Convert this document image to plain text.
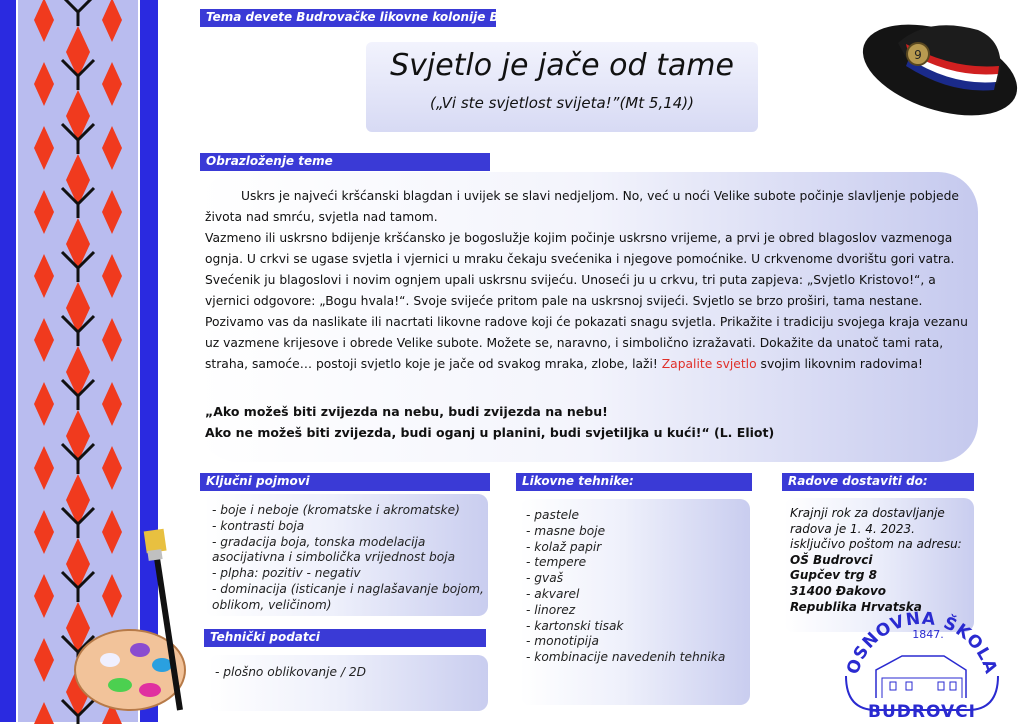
Tema devete Budrovačke likovne kolonije BULIK
Svjetlo je jače od tame
(„Vi ste svjetlost svijeta!”(Mt 5,14))
9
Obrazloženje teme

Uskrs je najveći kršćanski blagdan i uvijek se slavi nedjeljom. No, već u noći Velike subote počinje slavljenje pobjede života nad smrću, svjetla nad tamom.

Vazmeno ili uskrsno bdijenje kršćansko je bogoslužje kojim počinje uskrsno vrijeme, a prvi je obred blagoslov vazmenoga ognja. U crkvi se ugase svjetla i vjernici u mraku čekaju svećenika i njegove pomoćnike. U crkvenome dvorištu gori vatra. Svećenik ju blagoslovi i novim ognjem upali uskrsnu svijeću. Unoseći ju u crkvu, tri puta zapjeva: „Svjetlo Kristovo!“, a vjernici odgovore: „Bogu hvala!“. Svoje svijeće pritom pale na uskrsnoj svijeći. Svjetlo se brzo proširi, tama nestane.

Pozivamo vas da naslikate ili nacrtati likovne radove koji će pokazati snagu svjetla. Prikažite i tradiciju svojega kraja vezanu uz vazmene krijesove i obrede Velike subote. Možete se, naravno, i simbolično izražavati. Dokažite da unatoč tami rata, straha, samoće… postoji svjetlo koje je jače od svakog mraka, zlobe, laži! Zapalite svjetlo svojim likovnim radovima!

„Ako možeš biti zvijezda na nebu, budi zvijezda na nebu!
Ako ne možeš biti zvijezda, budi oganj u planini, budi svjetiljka u kući!“ (L. Eliot)
Ključni pojmovi
- boje i neboje (kromatske i akromatske)
- kontrasti boja
- gradacija boja, tonska modelacija
asocijativna i simbolička vrijednost boja
- plpha: pozitiv - negativ
- dominacija (isticanje i naglašavanje bojom,
oblikom, veličinom)
Tehnički podatci
- plošno oblikovanje / 2D
Likovne tehnike:
- pastele
- masne boje
- kolaž papir
- tempere
- gvaš
- akvarel
- linorez
- kartonski tisak
- monotipija
- kombinacije navedenih tehnika
Radove dostaviti do:
Krajnji rok za dostavljanje
radova je 1. 4. 2023.
isključivo poštom na adresu:
OŠ Budrovci
Gupčev trg 8
31400 Đakovo
Republika Hrvatska
OSNOVNA ŠKOLA
1847.
BUDROVCI
